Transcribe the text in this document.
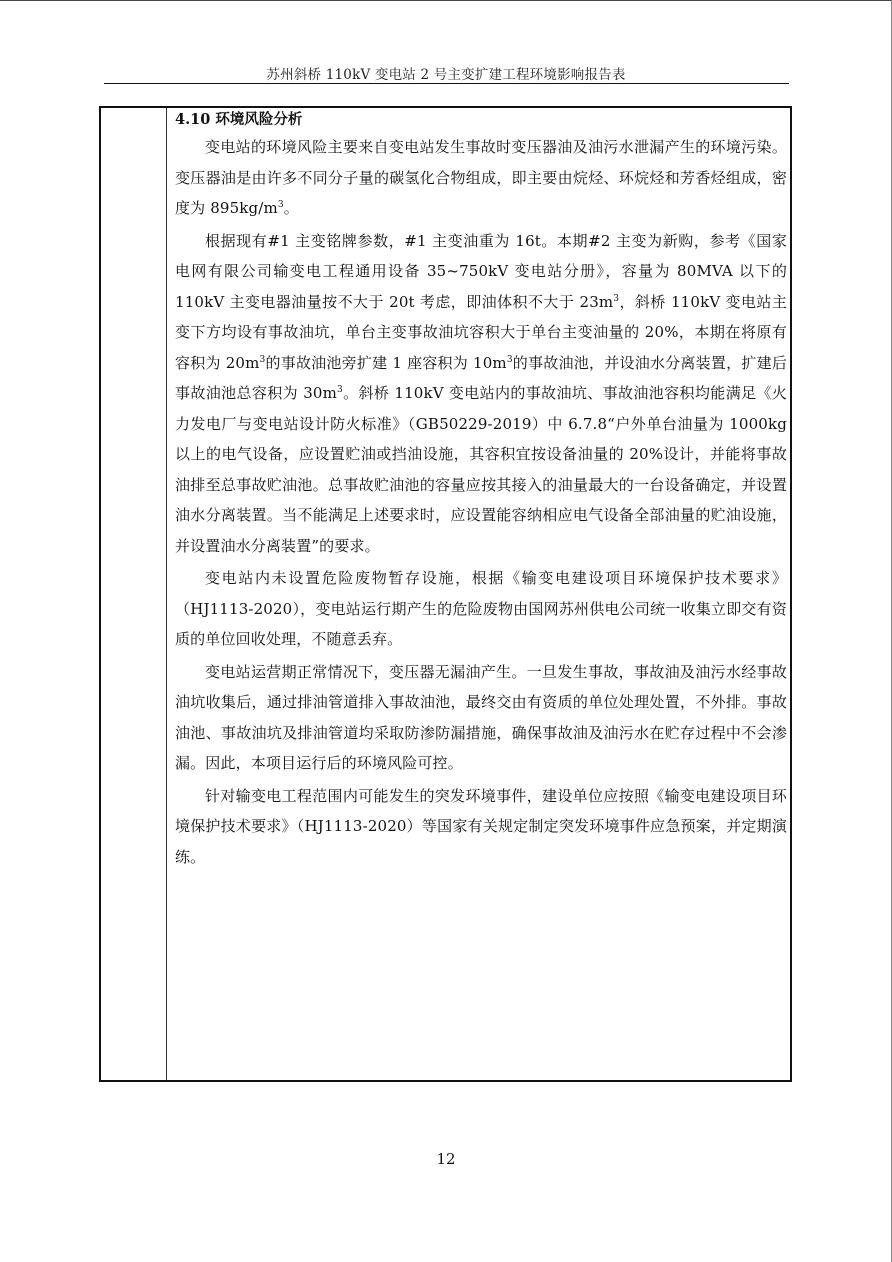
苏州斜桥 110kV 变电站 2 号主变扩建工程环境影响报告表
4.10 环境风险分析

变电站的环境风险主要来自变电站发生事故时变压器油及油污水泄漏产生的环境污染。变压器油是由许多不同分子量的碳氢化合物组成，即主要由烷烃、环烷烃和芳香烃组成，密度为 $895kg/m^3$。

根据现有#1 主变铭牌参数，#1 主变油重为 16t。本期#2 主变为新购，参考《国家电网有限公司输变电工程通用设备 35~750kV 变电站分册》，容量为 80MVA 以下的 110kV 主变电器油量按不大于 20t 考虑，即油体积不大于 $23m^3$，斜桥 110kV 变电站主变下方均设有事故油坑，单台主变事故油坑容积大于单台主变油量的 20%，本期在将原有容积为 $20m^3$的事故油池旁扩建 1 座容积为 $10m^3$的事故油池，并设油水分离装置，扩建后事故油池总容积为 $30m^3$。斜桥 110kV 变电站内的事故油坑、事故油池容积均能满足《火力发电厂与变电站设计防火标准》（GB50229-2019）中 6.7.8“户外单台油量为 1000kg 以上的电气设备，应设置贮油或挡油设施，其容积宜按设备油量的 20%设计，并能将事故油排至总事故贮油池。总事故贮油池的容量应按其接入的油量最大的一台设备确定，并设置油水分离装置。当不能满足上述要求时，应设置能容纳相应电气设备全部油量的贮油设施，并设置油水分离装置”的要求。

变电站内未设置危险废物暂存设施，根据《输变电建设项目环境保护技术要求》（HJ1113-2020），变电站运行期产生的危险废物由国网苏州供电公司统一收集立即交有资质的单位回收处理，不随意丢弃。

变电站运营期正常情况下，变压器无漏油产生。一旦发生事故，事故油及油污水经事故油坑收集后，通过排油管道排入事故油池，最终交由有资质的单位处理处置，不外排。事故油池、事故油坑及排油管道均采取防渗防漏措施，确保事故油及油污水在贮存过程中不会渗漏。因此，本项目运行后的环境风险可控。

针对输变电工程范围内可能发生的突发环境事件，建设单位应按照《输变电建设项目环境保护技术要求》（HJ1113-2020）等国家有关规定制定突发环境事件应急预案，并定期演练。

12
